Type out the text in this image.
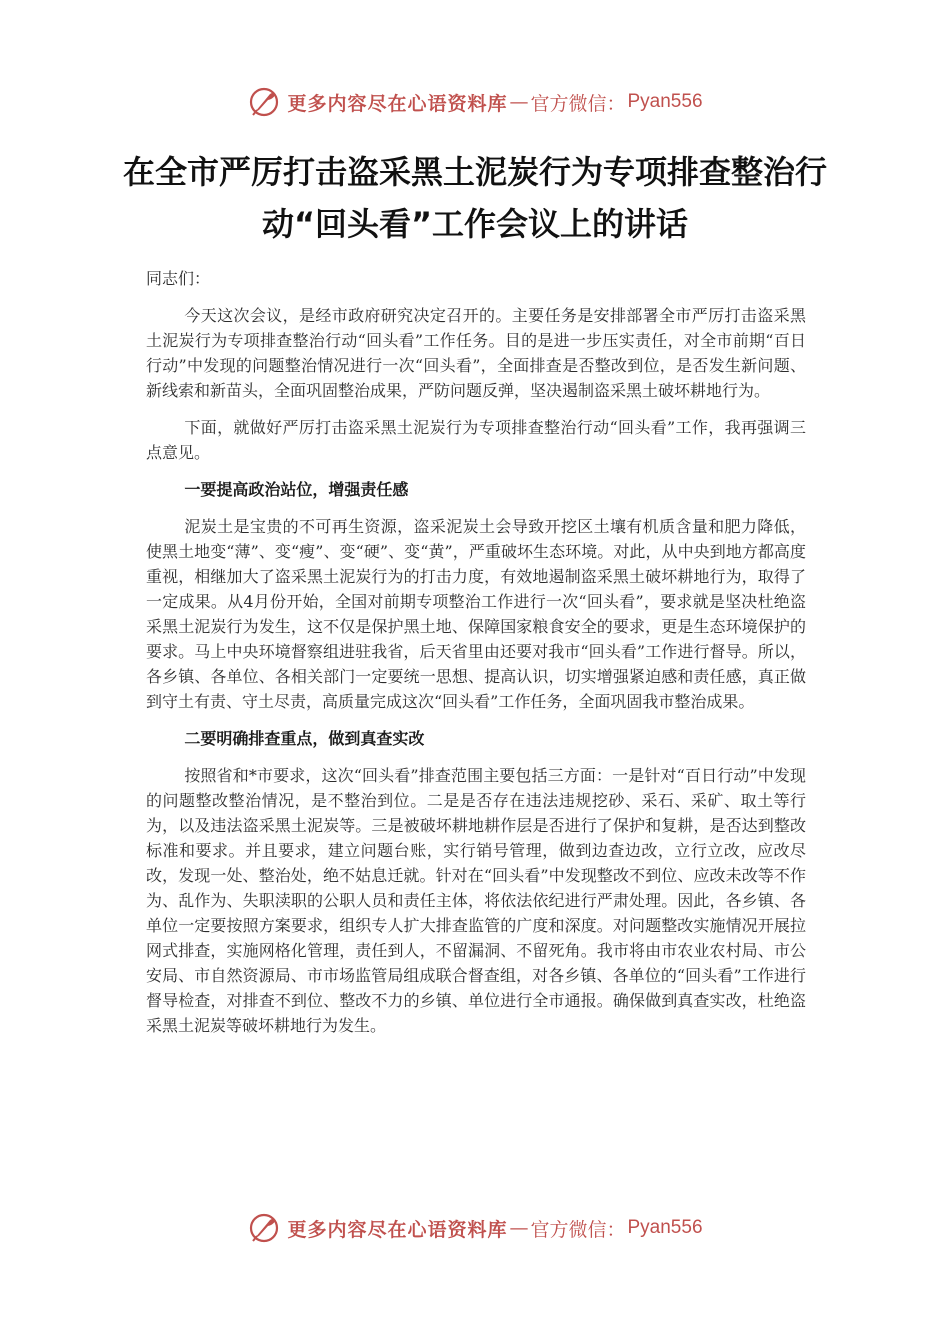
更多内容尽在心语资料库 — 官方微信： Pyan556
在全市严厉打击盗采黑土泥炭行为专项排查整治行动“回头看”工作会议上的讲话

同志们：

今天这次会议，是经市政府研究决定召开的。主要任务是安排部署全市严厉打击盗采黑土泥炭行为专项排查整治行动“回头看”工作任务。目的是进一步压实责任，对全市前期“百日行动”中发现的问题整治情况进行一次“回头看”，全面排查是否整改到位，是否发生新问题、新线索和新苗头，全面巩固整治成果，严防问题反弹，坚决遏制盗采黑土破坏耕地行为。

下面，就做好严厉打击盗采黑土泥炭行为专项排查整治行动“回头看”工作，我再强调三点意见。

一要提高政治站位，增强责任感

泥炭土是宝贵的不可再生资源，盗采泥炭土会导致开挖区土壤有机质含量和肥力降低，使黑土地变“薄”、变“瘦”、变“硬”、变“黄”，严重破坏生态环境。对此，从中央到地方都高度重视，相继加大了盗采黑土泥炭行为的打击力度，有效地遏制盗采黑土破坏耕地行为，取得了一定成果。从4月份开始，全国对前期专项整治工作进行一次“回头看”，要求就是坚决杜绝盗采黑土泥炭行为发生，这不仅是保护黑土地、保障国家粮食安全的要求，更是生态环境保护的要求。马上中央环境督察组进驻我省，后天省里由还要对我市“回头看”工作进行督导。所以，各乡镇、各单位、各相关部门一定要统一思想、提高认识，切实增强紧迫感和责任感，真正做到守土有责、守土尽责，高质量完成这次“回头看”工作任务，全面巩固我市整治成果。

二要明确排查重点，做到真查实改

按照省和*市要求，这次“回头看”排查范围主要包括三方面：一是针对“百日行动”中发现的问题整改整治情况，是不整治到位。二是是否存在违法违规挖砂、采石、采矿、取土等行为，以及违法盗采黑土泥炭等。三是被破坏耕地耕作层是否进行了保护和复耕，是否达到整改标准和要求。并且要求，建立问题台账，实行销号管理，做到边查边改，立行立改，应改尽改，发现一处、整治处，绝不姑息迁就。针对在“回头看”中发现整改不到位、应改未改等不作为、乱作为、失职渎职的公职人员和责任主体，将依法依纪进行严肃处理。因此，各乡镇、各单位一定要按照方案要求，组织专人扩大排查监管的广度和深度。对问题整改实施情况开展拉网式排查，实施网格化管理，责任到人，不留漏洞、不留死角。我市将由市农业农村局、市公安局、市自然资源局、市市场监管局组成联合督查组，对各乡镇、各单位的“回头看”工作进行督导检查，对排查不到位、整改不力的乡镇、单位进行全市通报。确保做到真查实改，杜绝盗采黑土泥炭等破坏耕地行为发生。

更多内容尽在心语资料库 — 官方微信： Pyan556
